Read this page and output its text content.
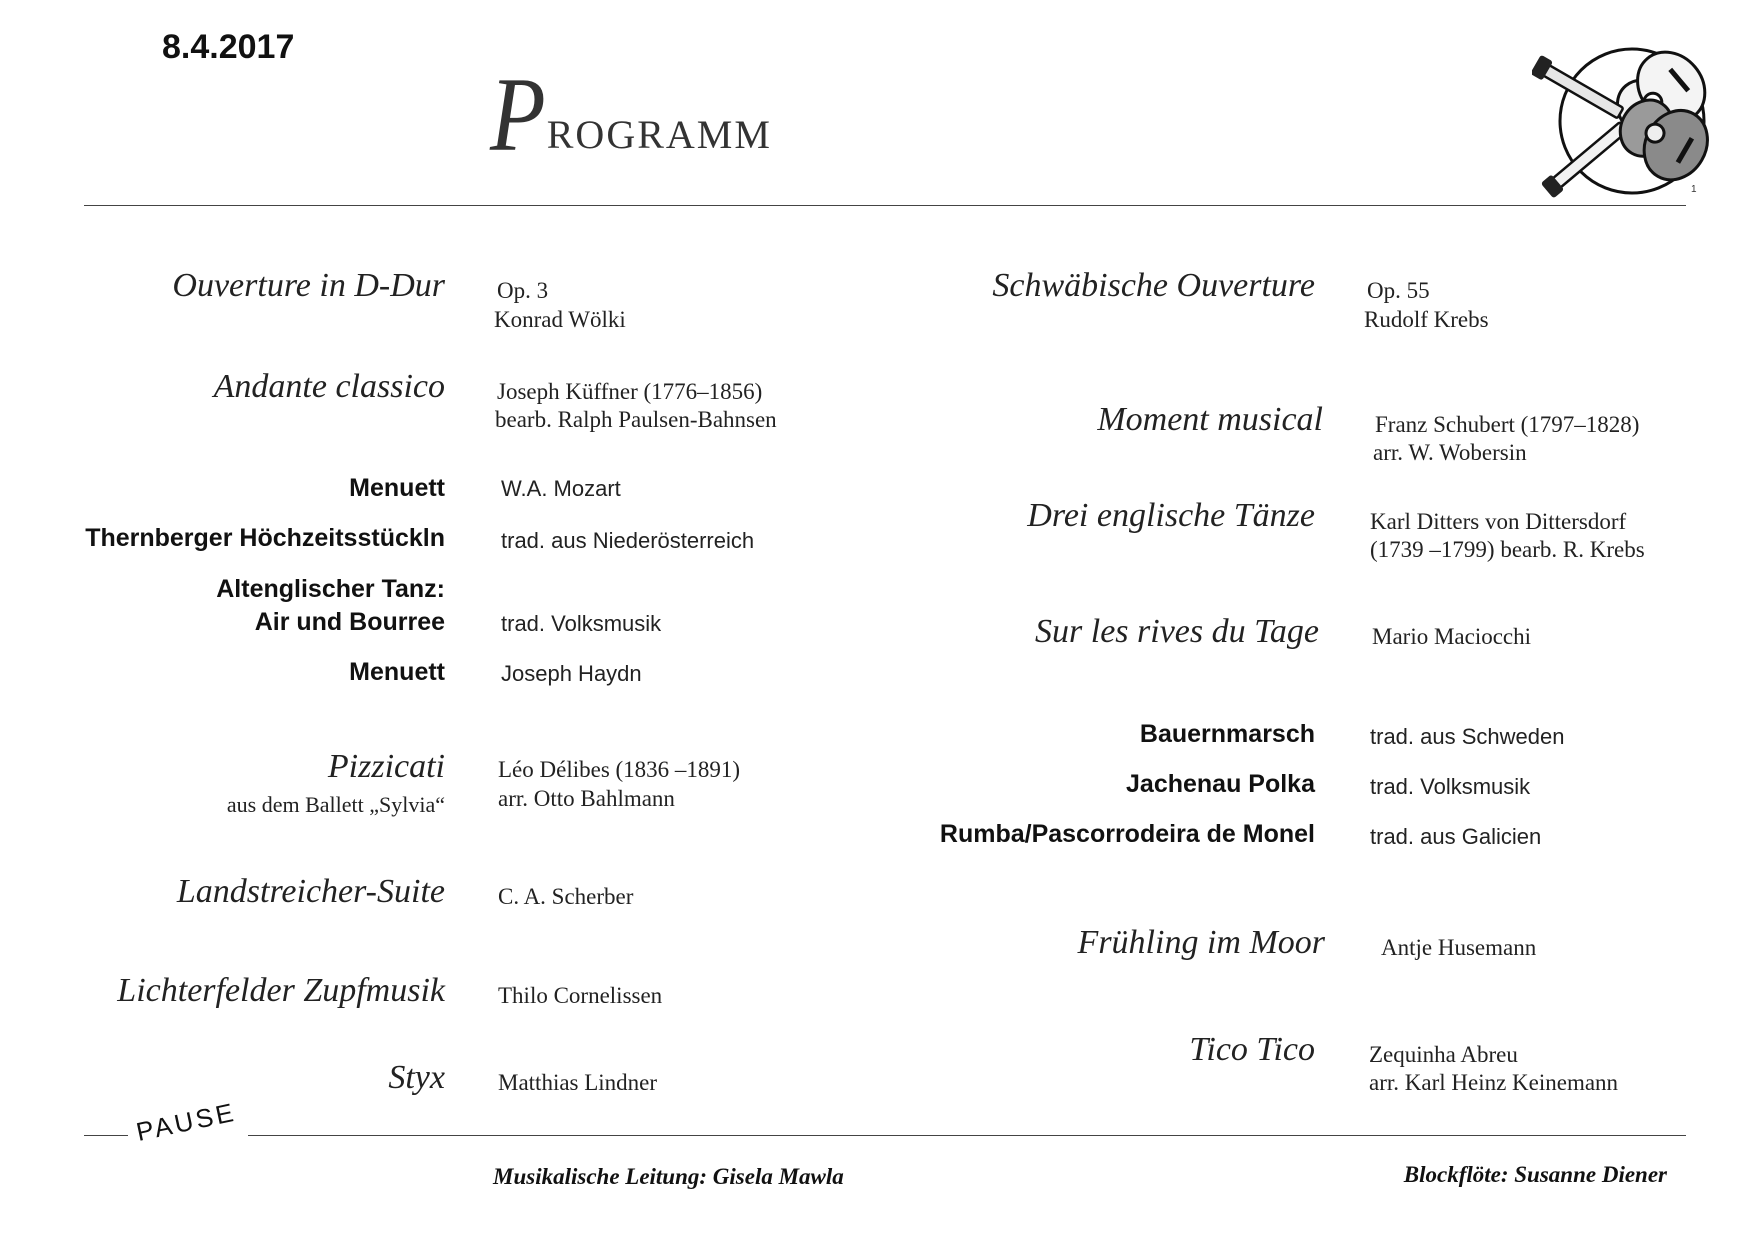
8.4.2017
PROGRAMM
1
Ouverture in D-Dur
Andante classico
Menuett
Thernberger Höchzeitsstückln
Altenglischer Tanz:
Air und Bourree
Menuett
Pizzicati
aus dem Ballett „Sylvia“
Landstreicher-Suite
Lichterfelder Zupfmusik
Styx
Op. 3
Konrad Wölki
Joseph Küffner (1776–1856)
bearb. Ralph Paulsen-Bahnsen
W.A. Mozart
trad. aus Niederösterreich
trad. Volksmusik
Joseph Haydn
Léo Délibes (1836 –1891)
arr. Otto Bahlmann
C. A. Scherber
Thilo Cornelissen
Matthias Lindner
Schwäbische Ouverture
Moment musical
Drei englische Tänze
Sur les rives du Tage
Bauernmarsch
Jachenau Polka
Rumba/Pascorrodeira de Monel
Frühling im Moor
Tico Tico
Op. 55
Rudolf Krebs
Franz Schubert (1797–1828)
arr. W. Wobersin
Karl Ditters von Dittersdorf
(1739 –1799) bearb. R. Krebs
Mario Maciocchi
trad. aus Schweden
trad. Volksmusik
trad. aus Galicien
Antje Husemann
Zequinha Abreu
arr. Karl Heinz Keinemann
PAUSE
Musikalische Leitung: Gisela Mawla	Blockflöte: Susanne Diener
